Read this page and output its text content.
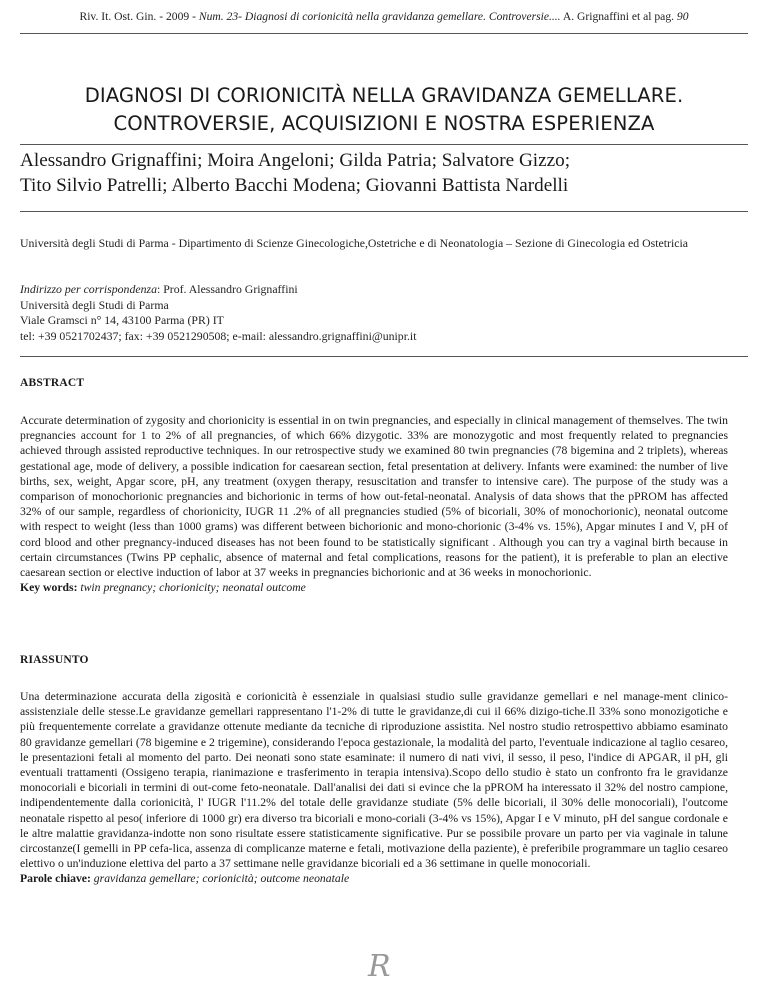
Riv. It. Ost. Gin. - 2009 - Num. 23- Diagnosi di corionicità nella gravidanza gemellare. Controversie.... A. Grignaffini et al pag. 90
DIAGNOSI DI CORIONICITÀ NELLA GRAVIDANZA GEMELLARE.
CONTROVERSIE, ACQUISIZIONI E NOSTRA ESPERIENZA
Alessandro Grignaffini; Moira Angeloni; Gilda Patria; Salvatore Gizzo;
Tito Silvio Patrelli; Alberto Bacchi Modena; Giovanni Battista Nardelli
Università degli Studi di Parma - Dipartimento di Scienze Ginecologiche,Ostetriche e di Neonatologia – Sezione di Ginecologia ed Ostetricia
Indirizzo per corrispondenza: Prof. Alessandro Grignaffini
Università degli Studi di Parma
Viale Gramsci n° 14, 43100 Parma (PR) IT
tel: +39 0521702437; fax: +39 0521290508; e-mail: alessandro.grignaffini@unipr.it
ABSTRACT
Accurate determination of zygosity and chorionicity is essential in on twin pregnancies, and especially in clinical management of themselves. The twin pregnancies account for 1 to 2% of all pregnancies, of which 66% dizygotic. 33% are monozygotic and most frequently related to pregnancies achieved through assisted reproductive techniques. In our retrospective study we examined 80 twin pregnancies (78 bigemina and 2 triplets), whereas gestational age, mode of delivery, a possible indication for caesarean section, fetal presentation at delivery. Infants were examined: the number of live births, sex, weight, Apgar score, pH, any treatment (oxygen therapy, resuscitation and transfer to intensive care). The purpose of the study was a comparison of monochorionic pregnancies and bichorionic in terms of how out-fetal-neonatal. Analysis of data shows that the pPROM has affected 32% of our sample, regardless of chorionicity, IUGR 11 .2% of all pregnancies studied (5% of bicoriali, 30% of monochorionic), neonatal outcome with respect to weight (less than 1000 grams) was different between bichorionic and mono-chorionic (3-4% vs. 15%), Apgar minutes I and V, pH of cord blood and other pregnancy-induced diseases has not been found to be statistically significant . Although you can try a vaginal birth because in certain circumstances (Twins PP cephalic, absence of maternal and fetal complications, reasons for the patient), it is preferable to plan an elective caesarean section or elective induction of labor at 37 weeks in pregnancies bichorionic and at 36 weeks in monochorionic.
Key words: twin pregnancy; chorionicity; neonatal outcome
RIASSUNTO
Una determinazione accurata della zigosità e corionicità è essenziale in qualsiasi studio sulle gravidanze gemellari e nel manage-ment clinico-assistenziale delle stesse.Le gravidanze gemellari rappresentano l'1-2% di tutte le gravidanze,di cui il 66% dizigo-tiche.Il 33% sono monozigotiche e più frequentemente correlate a gravidanze ottenute mediante da tecniche di riproduzione assistita. Nel nostro studio retrospettivo abbiamo esaminato 80 gravidanze gemellari (78 bigemine e 2 trigemine), considerando l'epoca gestazionale, la modalità del parto, l'eventuale indicazione al taglio cesareo, le presentazioni fetali al momento del parto. Dei neonati sono state esaminate: il numero di nati vivi, il sesso, il peso, l'indice di APGAR, il pH, gli eventuali trattamenti (Ossigeno terapia, rianimazione e trasferimento in terapia intensiva).Scopo dello studio è stato un confronto fra le gravidanze monocoriali e bicoriali in termini di out-come feto-neonatale. Dall'analisi dei dati si evince che la pPROM ha interessato il 32% del nostro campione, indipendentemente dalla corionicità, l' IUGR l'11.2% del totale delle gravidanze studiate (5% delle bicoriali, il 30% delle monocoriali), l'outcome neonatale rispetto al peso( inferiore di 1000 gr) era diverso tra bicoriali e mono-coriali (3-4% vs 15%), Apgar I e V minuto, pH del sangue cordonale e le altre malattie gravidanza-indotte non sono risultate essere statisticamente significative. Pur se possibile provare un parto per via vaginale in talune circostanze(I gemelli in PP cefa-lica, assenza di complicanze materne e fetali, motivazione della paziente), è preferibile programmare un taglio cesareo elettivo o un'induzione elettiva del parto a 37 settimane nelle gravidanze bicoriali ed a 36 settimane in quelle monocoriali.
Parole chiave: gravidanza gemellare; corionicità; outcome neonatale
R
